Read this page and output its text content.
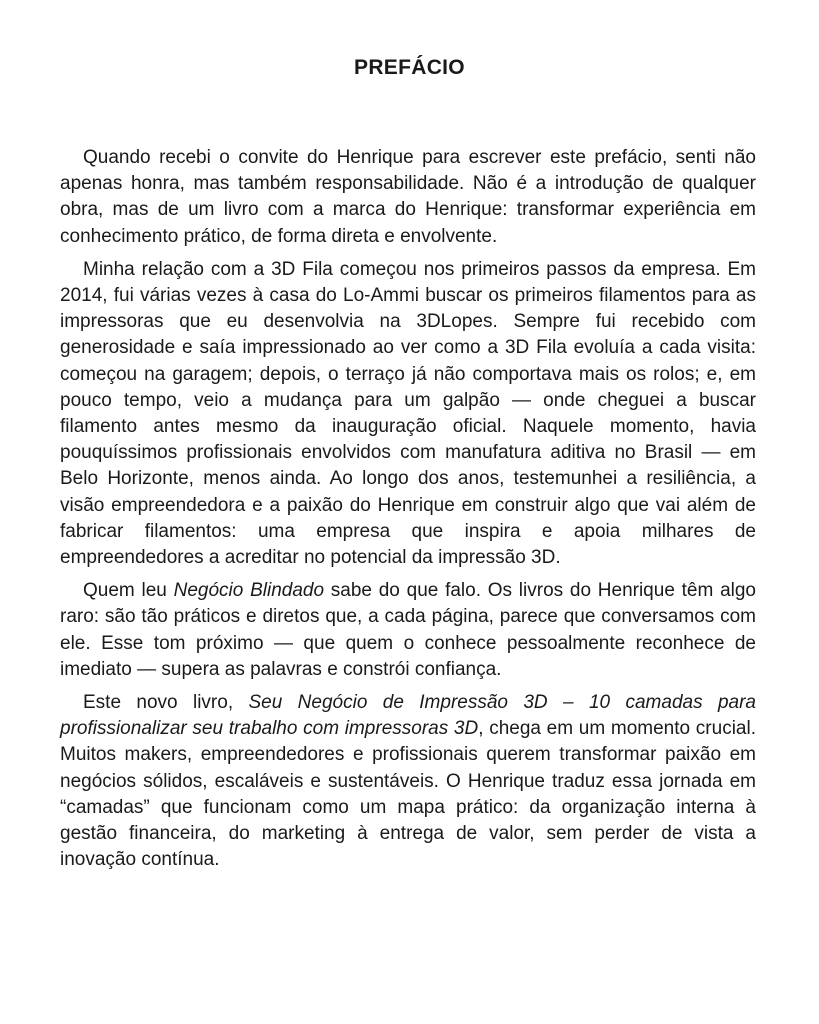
PREFÁCIO

Quando recebi o convite do Henrique para escrever este prefácio, senti não apenas honra, mas também responsabilidade. Não é a introdução de qualquer obra, mas de um livro com a marca do Henrique: transformar experiência em conhecimento prático, de forma direta e envolvente.

Minha relação com a 3D Fila começou nos primeiros passos da empresa. Em 2014, fui várias vezes à casa do Lo-Ammi buscar os primeiros filamentos para as impressoras que eu desenvolvia na 3DLopes. Sempre fui recebido com generosidade e saía impressionado ao ver como a 3D Fila evoluía a cada visita: começou na garagem; depois, o terraço já não comportava mais os rolos; e, em pouco tempo, veio a mudança para um galpão — onde cheguei a buscar filamento antes mesmo da inauguração oficial. Naquele momento, havia pouquíssimos profissionais envolvidos com manufatura aditiva no Brasil — em Belo Horizonte, menos ainda. Ao longo dos anos, testemunhei a resiliência, a visão empreendedora e a paixão do Henrique em construir algo que vai além de fabricar filamentos: uma empresa que inspira e apoia milhares de empreendedores a acreditar no potencial da impressão 3D.

Quem leu Negócio Blindado sabe do que falo. Os livros do Henrique têm algo raro: são tão práticos e diretos que, a cada página, parece que conversamos com ele. Esse tom próximo — que quem o conhece pessoalmente reconhece de imediato — supera as palavras e constrói confiança.

Este novo livro, Seu Negócio de Impressão 3D – 10 camadas para profissionalizar seu trabalho com impressoras 3D, chega em um momento crucial. Muitos makers, empreendedores e profissionais querem transformar paixão em negócios sólidos, escaláveis e sustentáveis. O Henrique traduz essa jornada em “camadas” que funcionam como um mapa prático: da organização interna à gestão financeira, do marketing à entrega de valor, sem perder de vista a inovação contínua.
